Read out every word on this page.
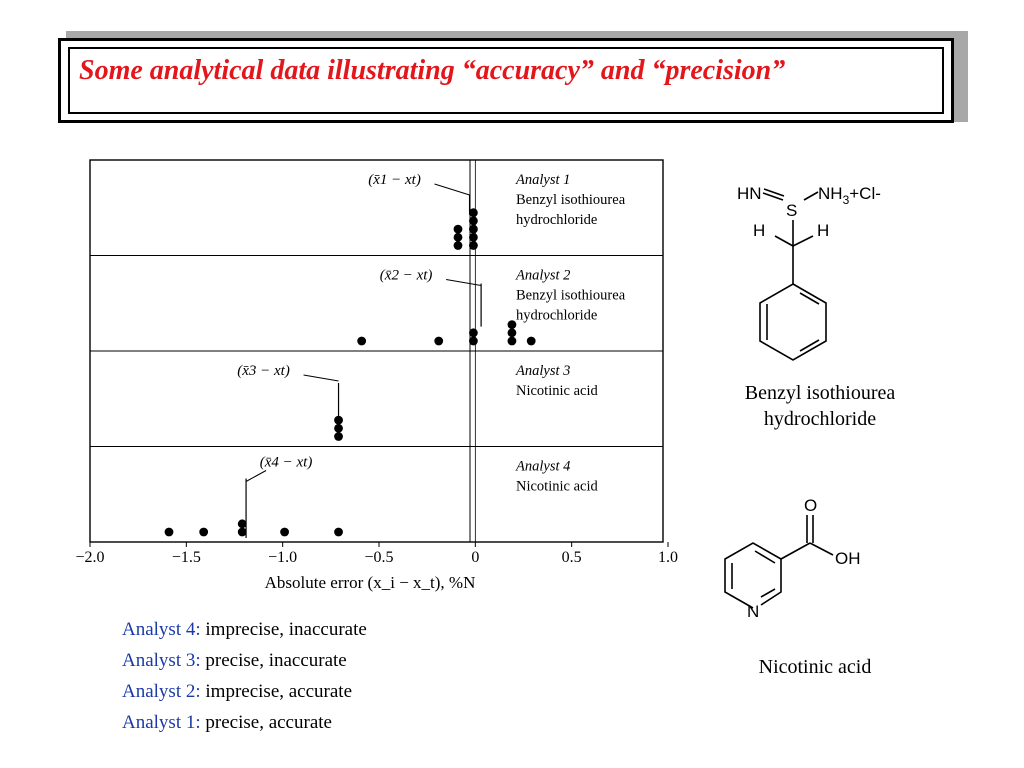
Some analytical data illustrating “accuracy” and “precision”
(x̄1 − xt)	Analyst 1
Benzyl isothiourea
hydrochloride
(x̄2 − xt)	Analyst 2
Benzyl isothiourea
hydrochloride
(x̄3 − xt)	Analyst 3
Nicotinic acid
(x̄4 − xt)	Analyst 4
Nicotinic acid
−2.0	−1.5	−1.0	−0.5	0	0.5	1.0
Absolute error (x_i − x_t), %N
HN
S
$NH_3+Cl-$
H	H
Benzyl isothiourea
hydrochloride
O
OH
N
Nicotinic acid
Analyst 4: imprecise, inaccurate
Analyst 3: precise, inaccurate
Analyst 2: imprecise, accurate
Analyst 1: precise, accurate
